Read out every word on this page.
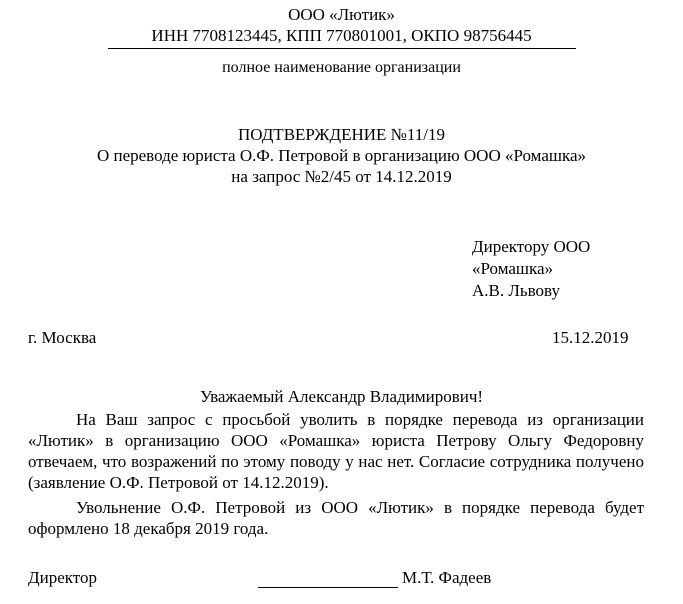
ООО «Лютик»
ИНН 7708123445, КПП 770801001, ОКПО 98756445
полное наименование организации
ПОДТВЕРЖДЕНИЕ №11/19
О переводе юриста О.Ф. Петровой в организацию ООО «Ромашка»
на запрос №2/45 от 14.12.2019
Директору ООО
«Ромашка»
А.В. Львову
г. Москва	15.12.2019
Уважаемый Александр Владимирович!
На Ваш запрос с просьбой уволить в порядке перевода из организации «Лютик» в организацию ООО «Ромашка» юриста Петрову Ольгу Федоровну отвечаем, что возражений по этому поводу у нас нет. Согласие сотрудника получено (заявление О.Ф. Петровой от 14.12.2019).
Увольнение О.Ф. Петровой из ООО «Лютик» в порядке перевода будет оформлено 18 декабря 2019 года.
Директор	М.Т. Фадеев
